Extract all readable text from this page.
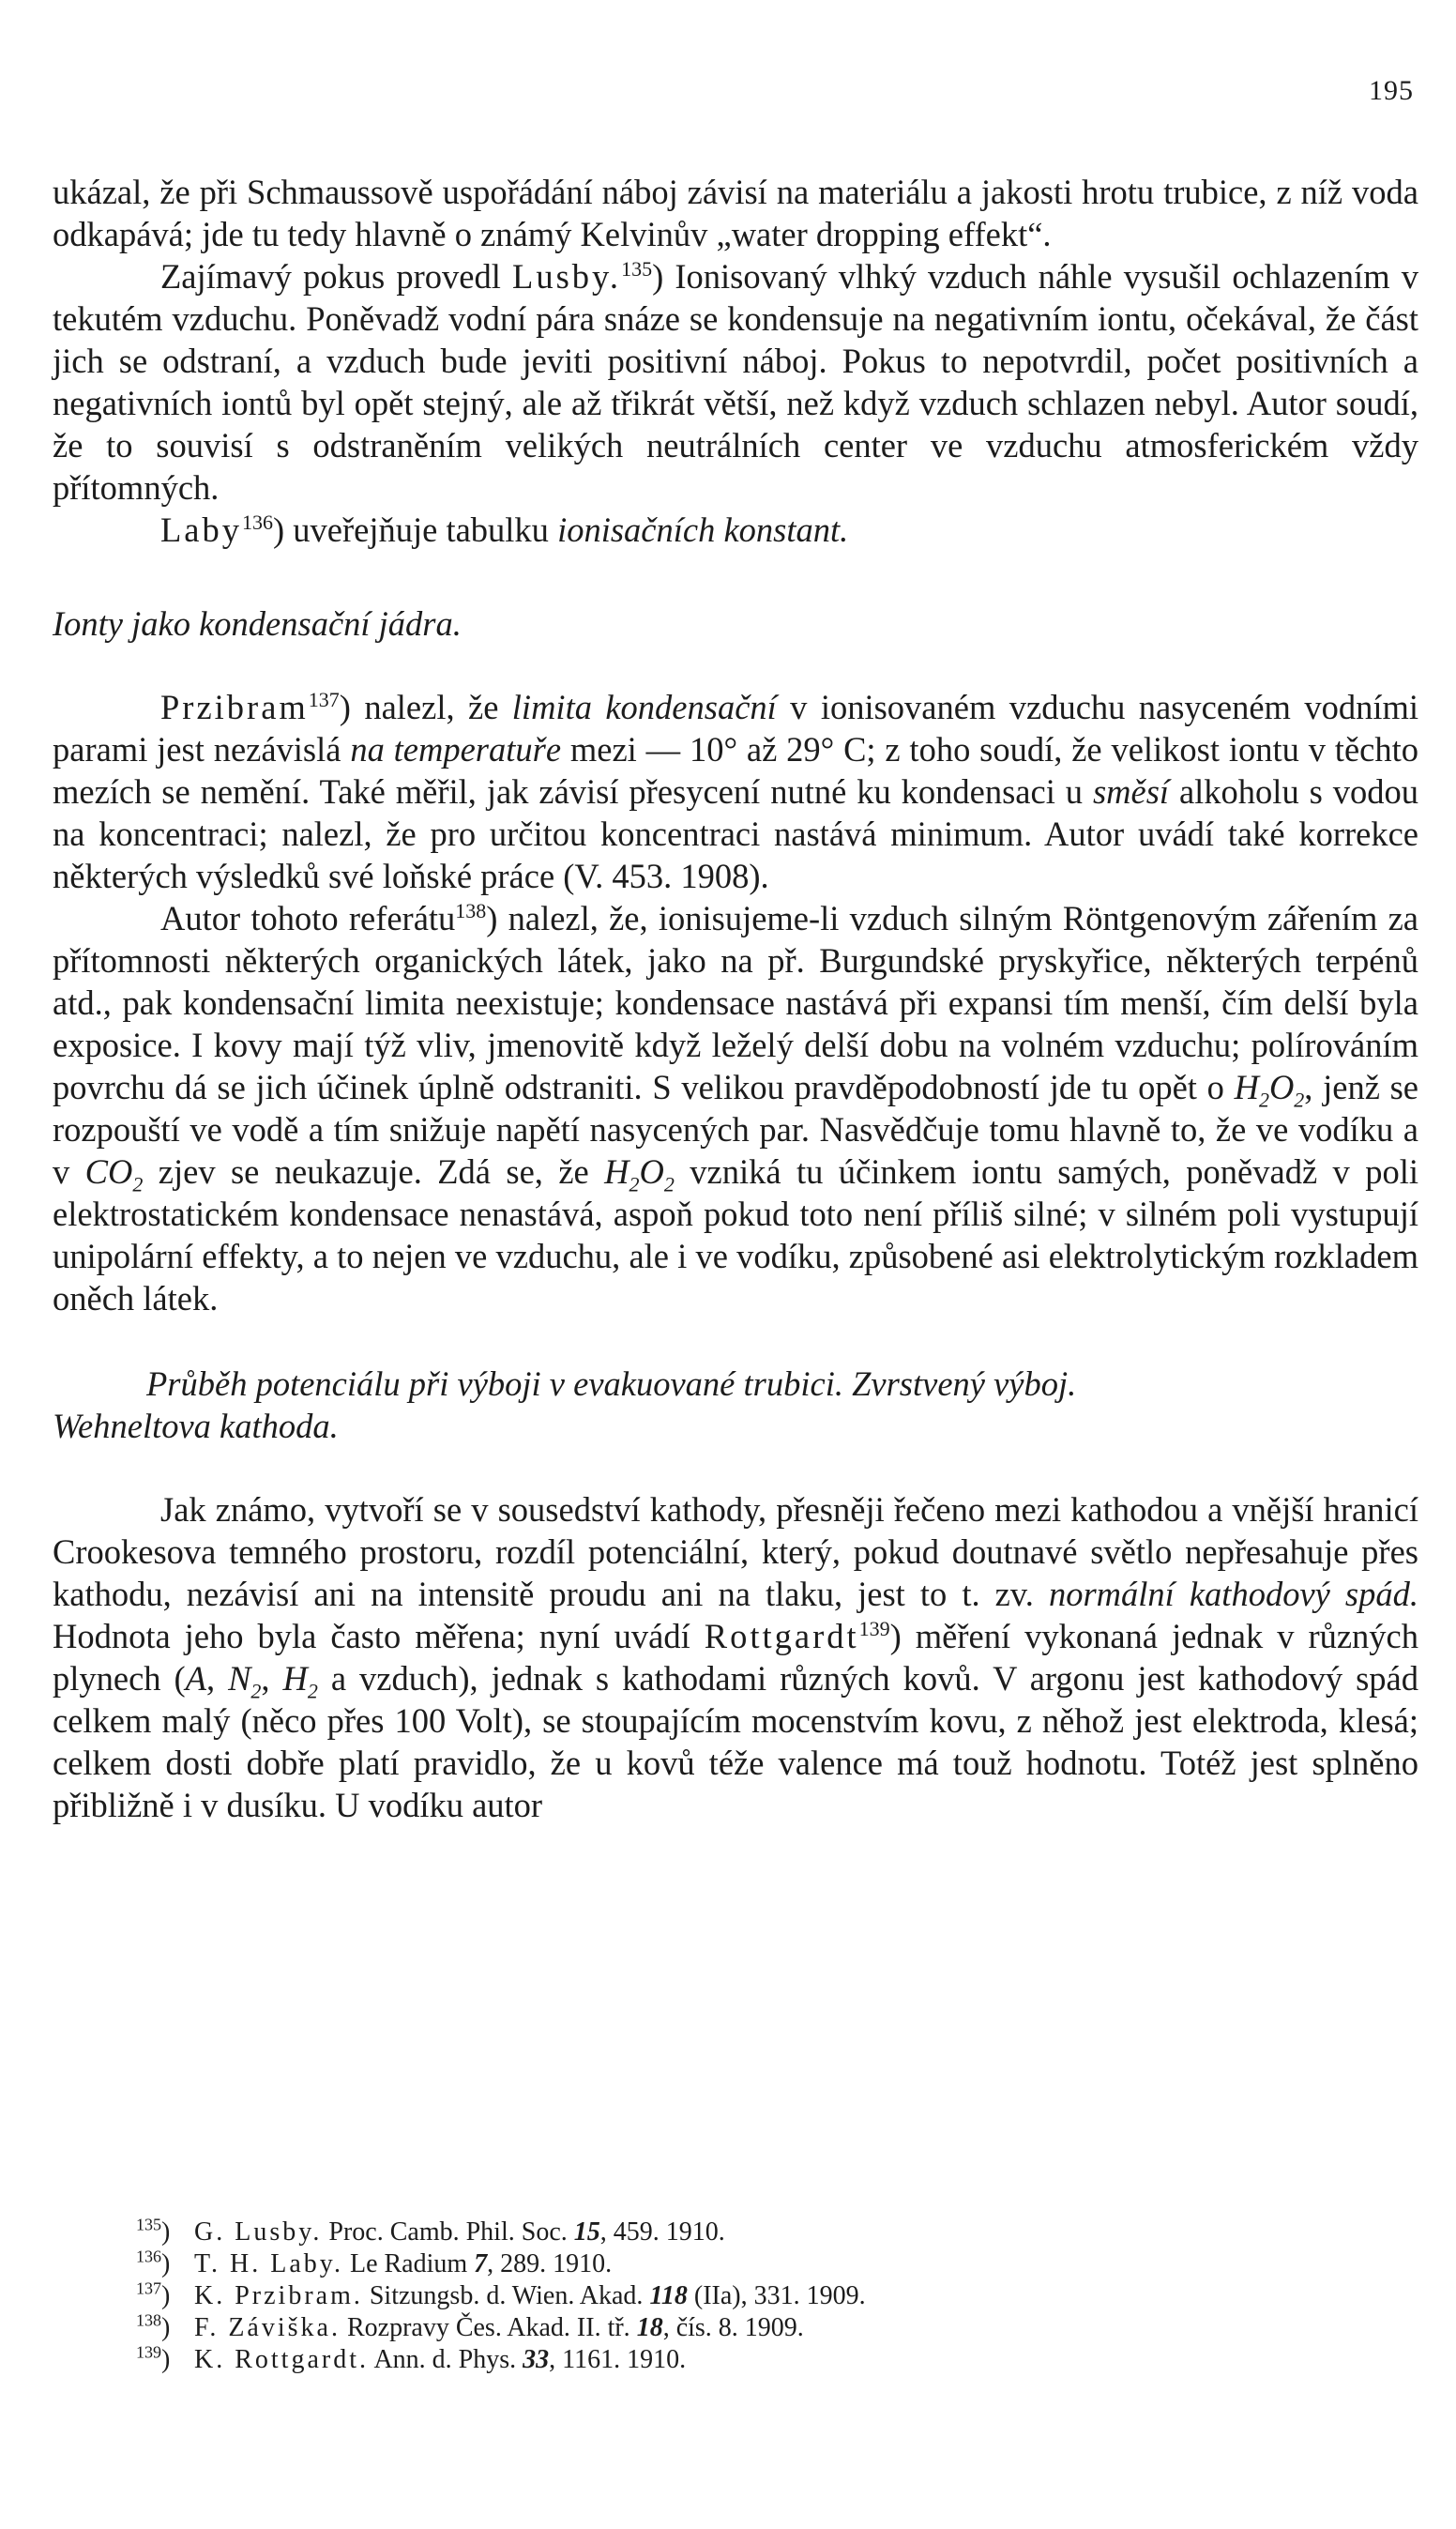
195

ukázal, že při Schmaussově uspořádání náboj závisí na materiálu a jakosti hrotu trubice, z níž voda odkapává; jde tu tedy hlavně o známý Kelvinův „water dropping effekt“.

Zajímavý pokus provedl Lusby.$^{135}$) Ionisovaný vlhký vzduch náhle vysušil ochlazením v tekutém vzduchu. Poněvadž vodní pára snáze se kondensuje na negativním iontu, očekával, že část jich se odstraní, a vzduch bude jeviti positivní náboj. Pokus to nepotvrdil, počet positivních a negativních iontů byl opět stejný, ale až třikrát větší, než když vzduch schlazen nebyl. Autor soudí, že to souvisí s odstraněním velikých neutrálních center ve vzduchu atmosferickém vždy přítomných.

Laby$^{136}$) uveřejňuje tabulku ionisačních konstant.

Ionty jako kondensační jádra.

Przibram$^{137}$) nalezl, že limita kondensační v ionisovaném vzduchu nasyceném vodními parami jest nezávislá na temperatuře mezi — 10° až 29° C; z toho soudí, že velikost iontu v těchto mezích se nemění. Také měřil, jak závisí přesycení nutné ku kondensaci u směsí alkoholu s vodou na koncentraci; nalezl, že pro určitou koncentraci nastává minimum. Autor uvádí také korrekce některých výsledků své loňské práce (V. 453. 1908).

Autor tohoto referátu$^{138}$) nalezl, že, ionisujeme-li vzduch silným Röntgenovým zářením za přítomnosti některých organických látek, jako na př. Burgundské pryskyřice, některých terpénů atd., pak kondensační limita neexistuje; kondensace nastává při expansi tím menší, čím delší byla exposice. I kovy mají týž vliv, jmenovitě když leželý delší dobu na volném vzduchu; polírováním povrchu dá se jich účinek úplně odstraniti. S velikou pravděpodobností jde tu opět o $H_2O_2$, jenž se rozpouští ve vodě a tím snižuje napětí nasycených par. Nasvědčuje tomu hlavně to, že ve vodíku a v $CO_2$ zjev se neukazuje. Zdá se, že $H_2O_2$ vzniká tu účinkem iontu samých, poněvadž v poli elektrostatickém kondensace nenastává, aspoň pokud toto není příliš silné; v silném poli vystupují unipolární effekty, a to nejen ve vzduchu, ale i ve vodíku, způsobené asi elektrolytickým rozkladem oněch látek.

Průběh potenciálu při výboji v evakuované trubici. Zvrstvený výboj.

Wehneltova kathoda.

Jak známo, vytvoří se v sousedství kathody, přesněji řečeno mezi kathodou a vnější hranicí Crookesova temného prostoru, rozdíl potenciální, který, pokud doutnavé světlo nepřesahuje přes kathodu, nezávisí ani na intensitě proudu ani na tlaku, jest to t. zv. normální kathodový spád. Hodnota jeho byla často měřena; nyní uvádí Rottgardt$^{139}$) měření vykonaná jednak v různých plynech (A, $N_2$, $H_2$ a vzduch), jednak s kathodami různých kovů. V argonu jest kathodový spád celkem malý (něco přes 100 Volt), se stoupajícím mocenstvím kovu, z něhož jest elektroda, klesá; celkem dosti dobře platí pravidlo, že u kovů téže valence má touž hodnotu. Totéž jest splněno přibližně i v dusíku. U vodíku autor

$^{135}$) G. Lusby. Proc. Camb. Phil. Soc. 15, 459. 1910.

$^{136}$) T. H. Laby. Le Radium 7, 289. 1910.

$^{137}$) K. Przibram. Sitzungsb. d. Wien. Akad. 118 (IIa), 331. 1909.

$^{138}$) F. Záviška. Rozpravy Čes. Akad. II. tř. 18, čís. 8. 1909.

$^{139}$) K. Rottgardt. Ann. d. Phys. 33, 1161. 1910.
